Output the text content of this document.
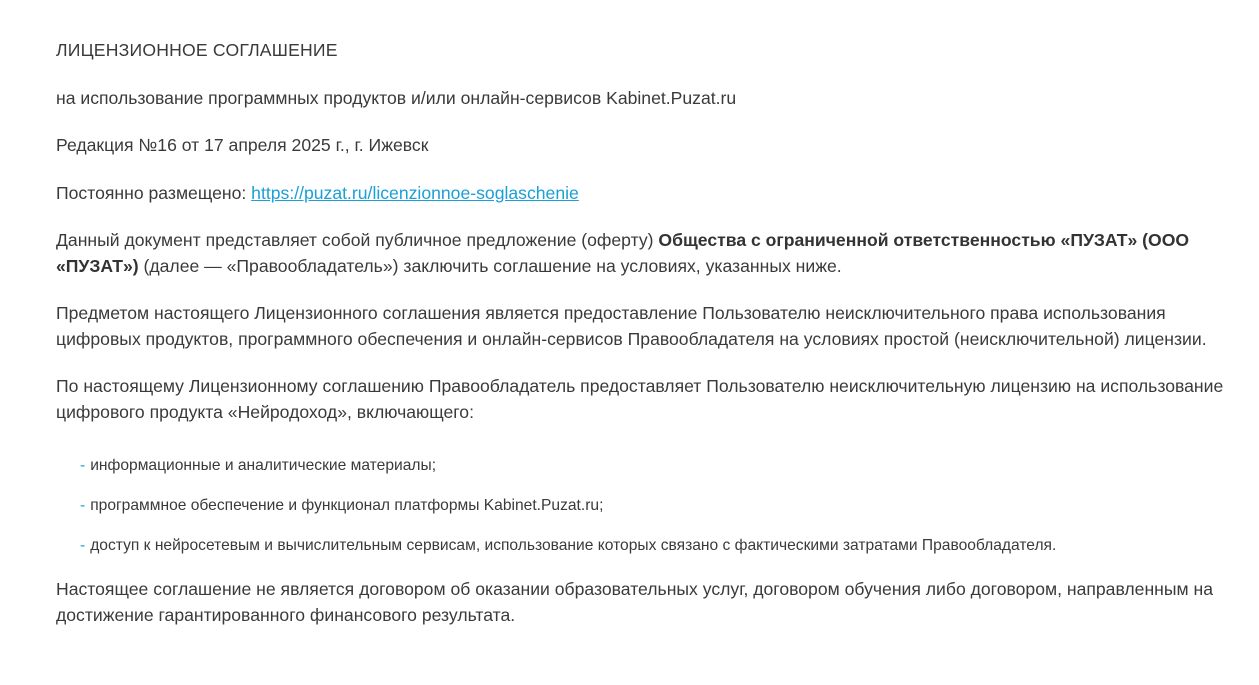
ЛИЦЕНЗИОННОЕ СОГЛАШЕНИЕ

на использование программных продуктов и/или онлайн-сервисов Kabinet.Puzat.ru

Редакция №16 от 17 апреля 2025 г., г. Ижевск

Постоянно размещено: https://puzat.ru/licenzionnoe-soglaschenie

Данный документ представляет собой публичное предложение (оферту) Общества с ограниченной ответственностью «ПУЗАТ» (ООО «ПУЗАТ») (далее — «Правообладатель») заключить соглашение на условиях, указанных ниже.

Предметом настоящего Лицензионного соглашения является предоставление Пользователю неисключительного права использования цифровых продуктов, программного обеспечения и онлайн-сервисов Правообладателя на условиях простой (неисключительной) лицензии.

По настоящему Лицензионному соглашению Правообладатель предоставляет Пользователю неисключительную лицензию на использование цифрового продукта «Нейродоход», включающего:

- информационные и аналитические материалы;
- программное обеспечение и функционал платформы Kabinet.Puzat.ru;
- доступ к нейросетевым и вычислительным сервисам, использование которых связано с фактическими затратами Правообладателя.

Настоящее соглашение не является договором об оказании образовательных услуг, договором обучения либо договором, направленным на достижение гарантированного финансового результата.
